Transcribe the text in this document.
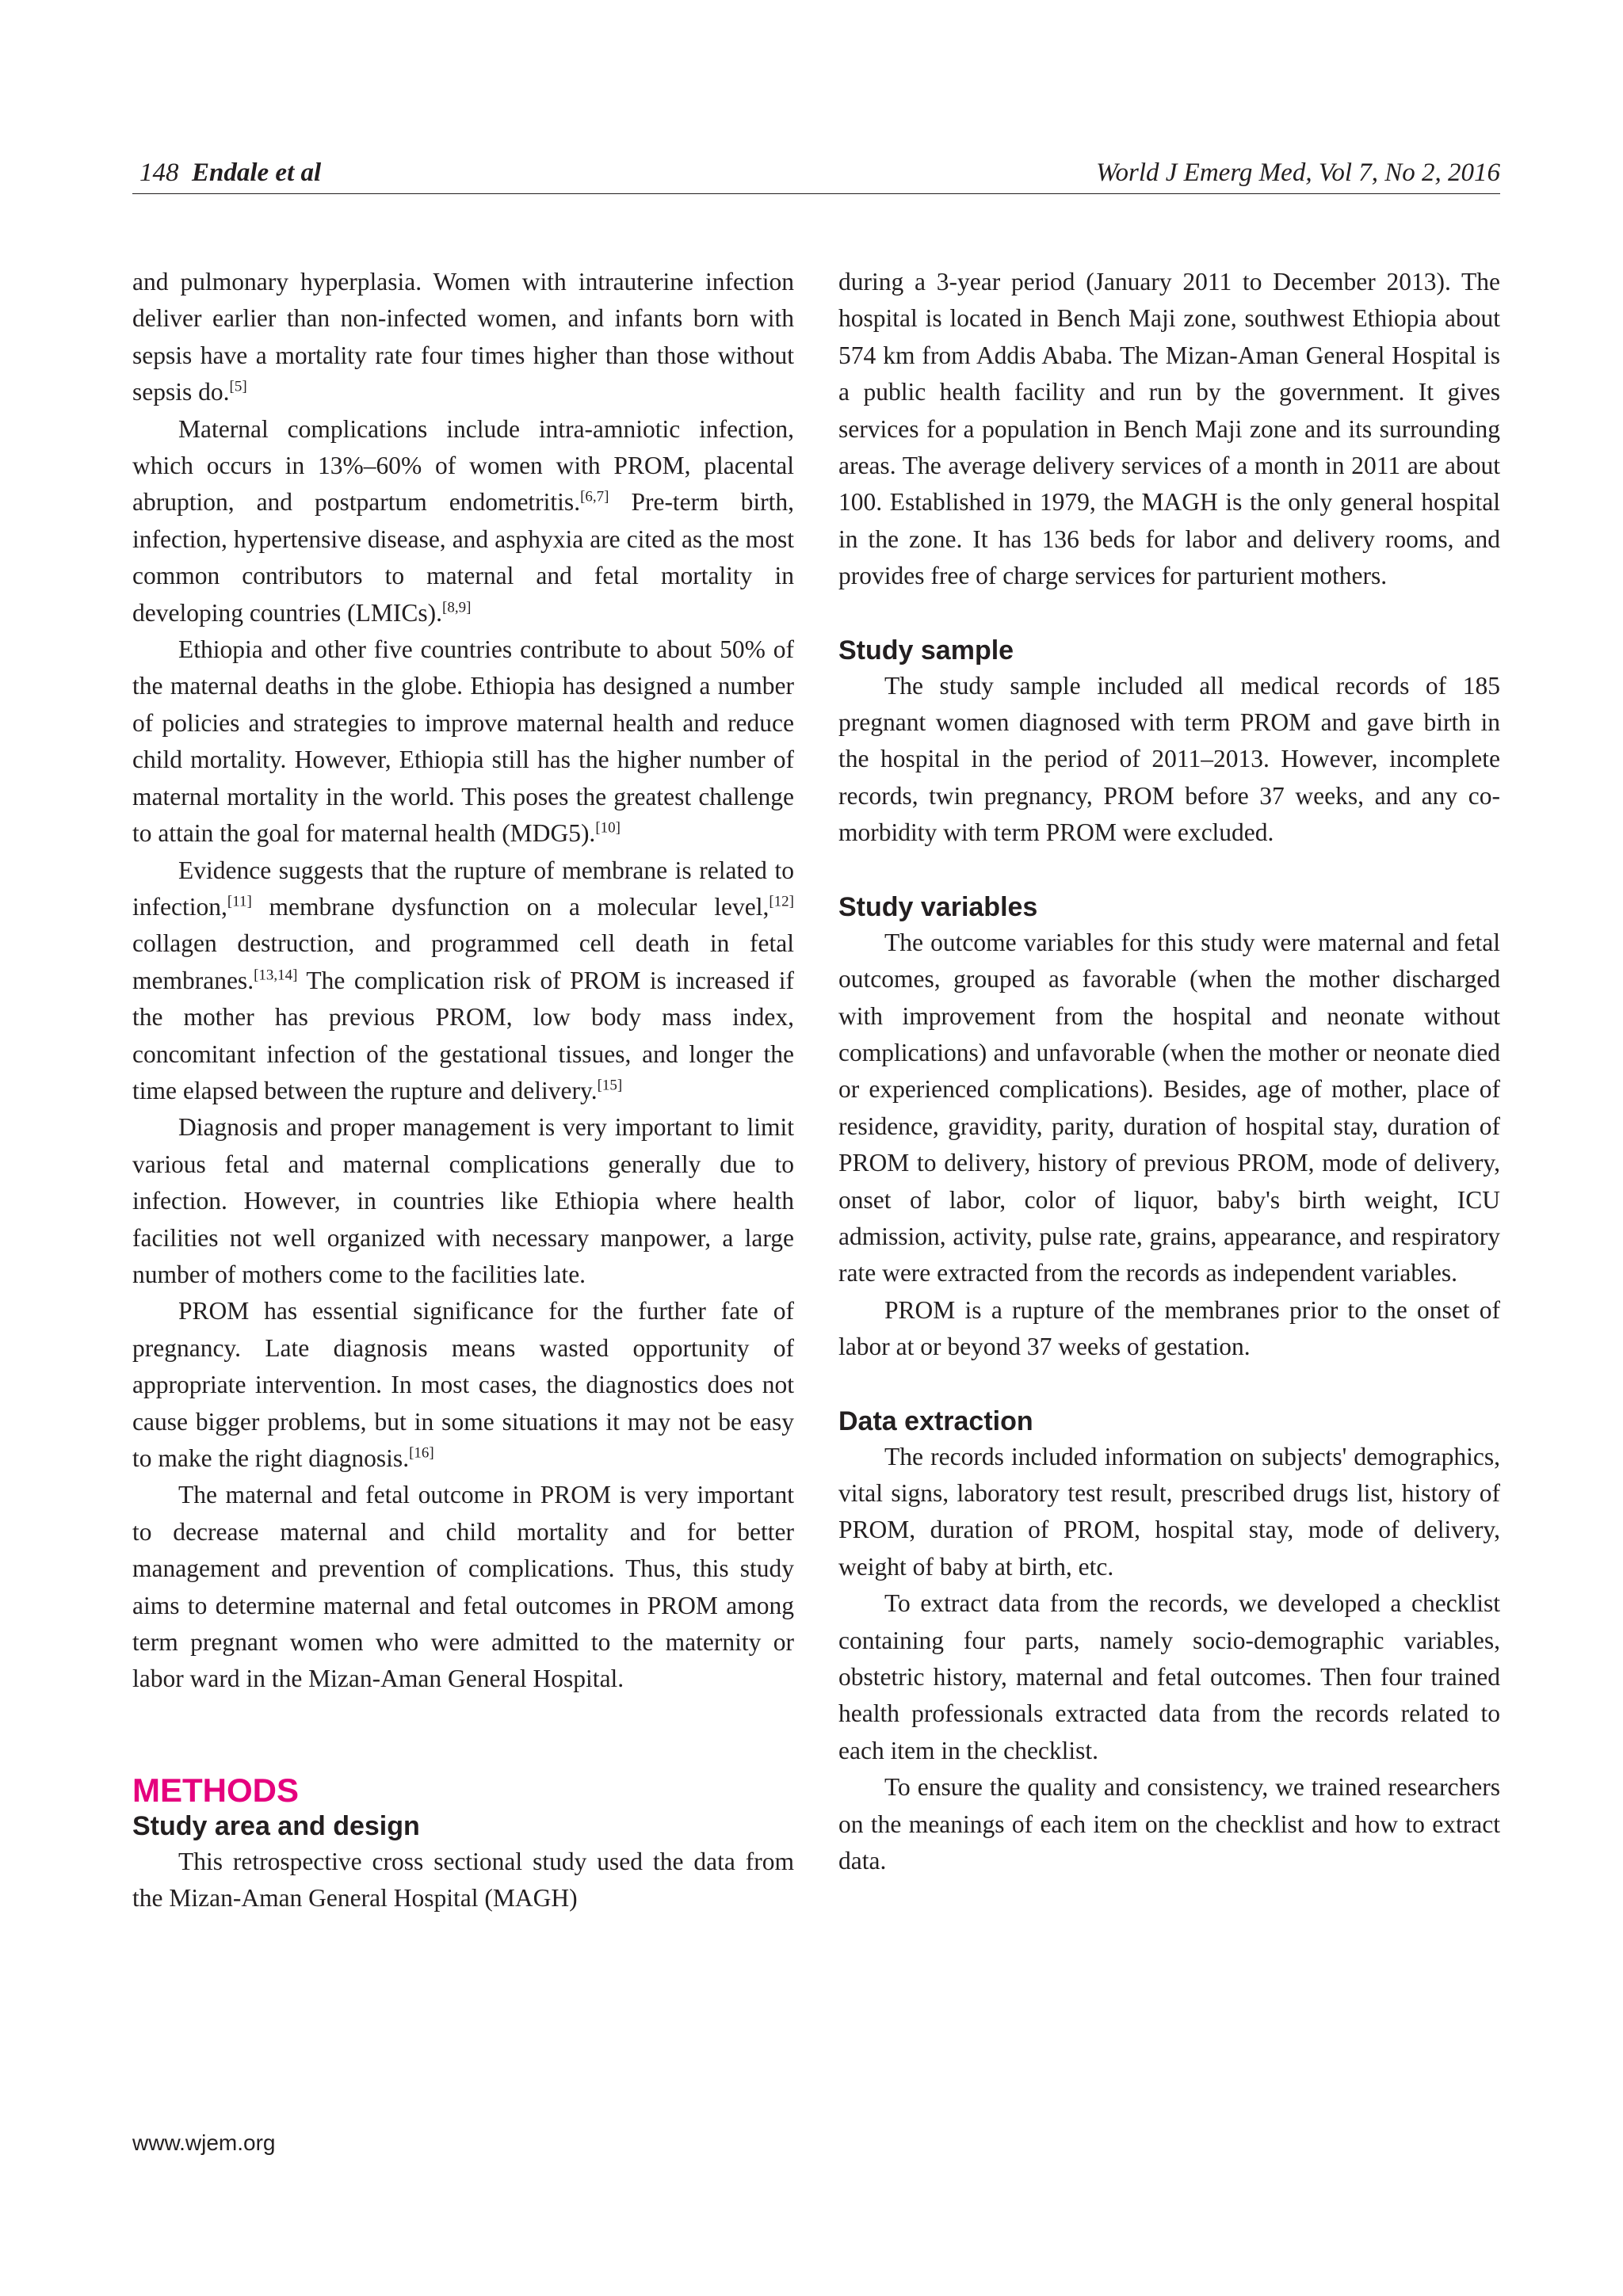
148 Endale et al	World J Emerg Med, Vol 7, No 2, 2016

and pulmonary hyperplasia. Women with intrauterine infection deliver earlier than non-infected women, and infants born with sepsis have a mortality rate four times higher than those without sepsis do.[5]

Maternal complications include intra-amniotic infection, which occurs in 13%–60% of women with PROM, placental abruption, and postpartum endometritis.[6,7] Pre-term birth, infection, hypertensive disease, and asphyxia are cited as the most common contributors to maternal and fetal mortality in developing countries (LMICs).[8,9]

Ethiopia and other five countries contribute to about 50% of the maternal deaths in the globe. Ethiopia has designed a number of policies and strategies to improve maternal health and reduce child mortality. However, Ethiopia still has the higher number of maternal mortality in the world. This poses the greatest challenge to attain the goal for maternal health (MDG5).[10]

Evidence suggests that the rupture of membrane is related to infection,[11] membrane dysfunction on a molecular level,[12] collagen destruction, and programmed cell death in fetal membranes.[13,14] The complication risk of PROM is increased if the mother has previous PROM, low body mass index, concomitant infection of the gestational tissues, and longer the time elapsed between the rupture and delivery.[15]

Diagnosis and proper management is very important to limit various fetal and maternal complications generally due to infection. However, in countries like Ethiopia where health facilities not well organized with necessary manpower, a large number of mothers come to the facilities late.

PROM has essential significance for the further fate of pregnancy. Late diagnosis means wasted opportunity of appropriate intervention. In most cases, the diagnostics does not cause bigger problems, but in some situations it may not be easy to make the right diagnosis.[16]

The maternal and fetal outcome in PROM is very important to decrease maternal and child mortality and for better management and prevention of complications. Thus, this study aims to determine maternal and fetal outcomes in PROM among term pregnant women who were admitted to the maternity or labor ward in the Mizan-Aman General Hospital.

METHODS
Study area and design

This retrospective cross sectional study used the data from the Mizan-Aman General Hospital (MAGH)

during a 3-year period (January 2011 to December 2013). The hospital is located in Bench Maji zone, southwest Ethiopia about 574 km from Addis Ababa. The Mizan-Aman General Hospital is a public health facility and run by the government. It gives services for a population in Bench Maji zone and its surrounding areas. The average delivery services of a month in 2011 are about 100. Established in 1979, the MAGH is the only general hospital in the zone. It has 136 beds for labor and delivery rooms, and provides free of charge services for parturient mothers.

Study sample

The study sample included all medical records of 185 pregnant women diagnosed with term PROM and gave birth in the hospital in the period of 2011–2013. However, incomplete records, twin pregnancy, PROM before 37 weeks, and any co-morbidity with term PROM were excluded.

Study variables

The outcome variables for this study were maternal and fetal outcomes, grouped as favorable (when the mother discharged with improvement from the hospital and neonate without complications) and unfavorable (when the mother or neonate died or experienced complications). Besides, age of mother, place of residence, gravidity, parity, duration of hospital stay, duration of PROM to delivery, history of previous PROM, mode of delivery, onset of labor, color of liquor, baby's birth weight, ICU admission, activity, pulse rate, grains, appearance, and respiratory rate were extracted from the records as independent variables.

PROM is a rupture of the membranes prior to the onset of labor at or beyond 37 weeks of gestation.

Data extraction

The records included information on subjects' demographics, vital signs, laboratory test result, prescribed drugs list, history of PROM, duration of PROM, hospital stay, mode of delivery, weight of baby at birth, etc.

To extract data from the records, we developed a checklist containing four parts, namely socio-demographic variables, obstetric history, maternal and fetal outcomes. Then four trained health professionals extracted data from the records related to each item in the checklist.

To ensure the quality and consistency, we trained researchers on the meanings of each item on the checklist and how to extract data.

www.wjem.org
